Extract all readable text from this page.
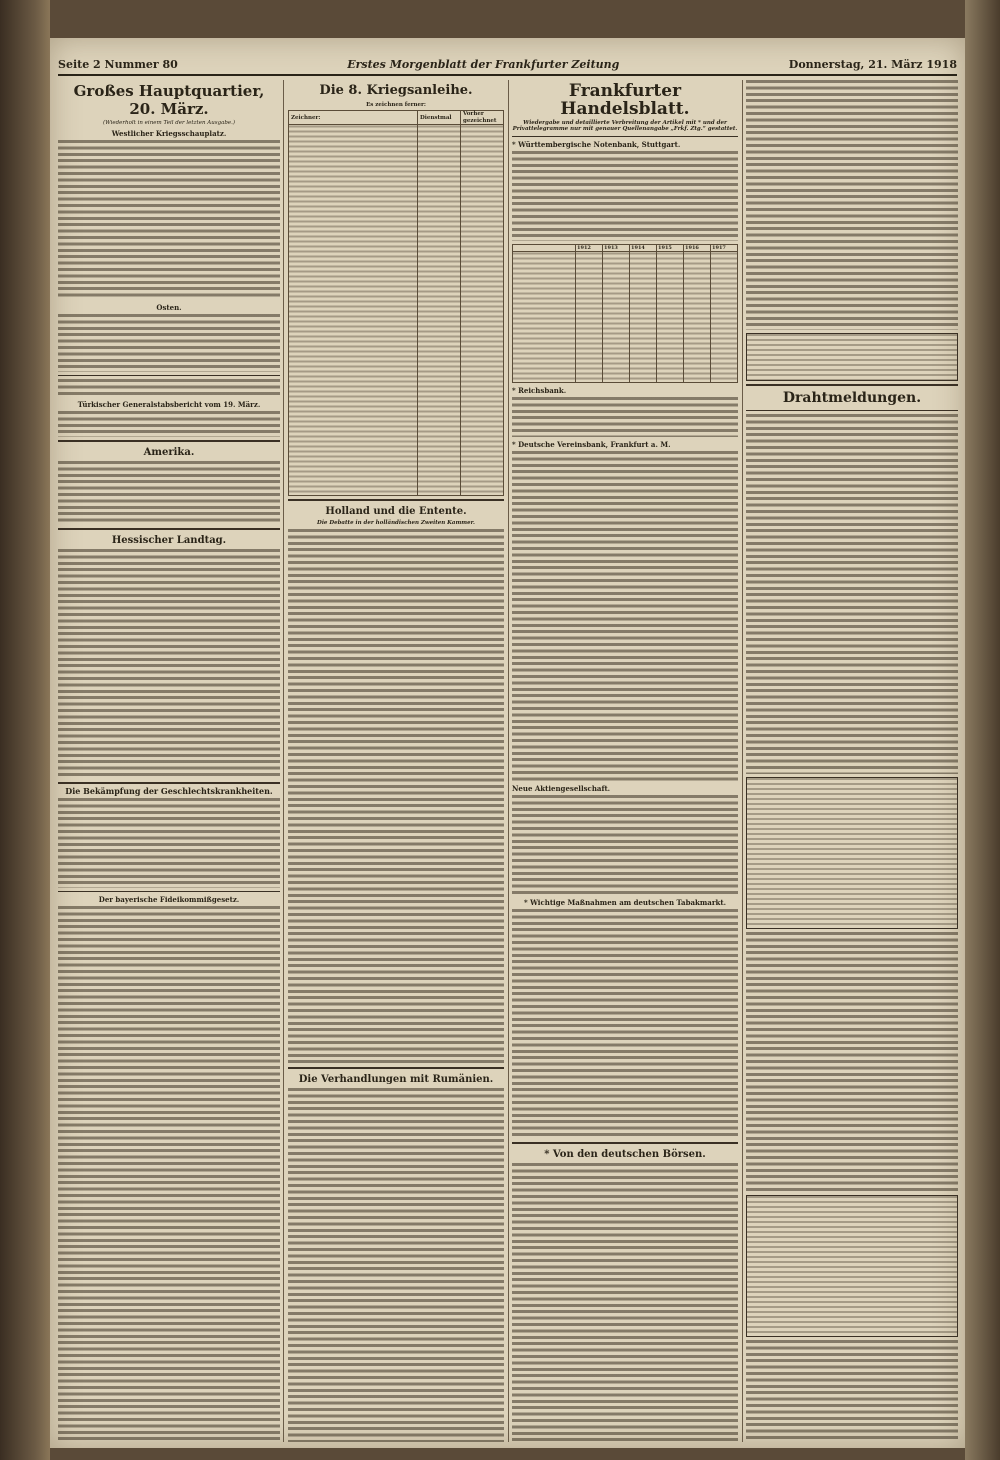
Seite 2 Nummer 80	Erstes Morgenblatt der Frankfurter Zeitung	Donnerstag, 21. März 1918
Großes Hauptquartier, 20. März.
(Wiederholt in einem Teil der letzten Ausgabe.)
Westlicher Kriegsschauplatz.
Osten.
Türkischer Generalstabsbericht vom 19. März.
Amerika.
Hessischer Landtag.
Die Bekämpfung der Geschlechtskrankheiten.
Der bayerische Fideikommißgesetz.
Die 8. Kriegsanleihe.
Es zeichnen ferner:
Zeichner:	Dienstmal	Vorher gezeichnet

Holland und die Entente.
Die Debatte in der holländischen Zweiten Kammer.
Die Verhandlungen mit Rumänien.
Frankfurter Handelsblatt.
Wiedergabe und detaillierte Verbreitung der Artikel mit * und der Privattelegramme nur mit genauer Quellenangabe „Frkf. Ztg.“ gestattet.
* Württembergische Notenbank, Stuttgart.
	1912	1913	1914	1915	1916	1917

* Reichsbank.
* Deutsche Vereinsbank, Frankfurt a. M.
Neue Aktiengesellschaft.
* Wichtige Maßnahmen am deutschen Tabakmarkt.
* Von den deutschen Börsen.
Drahtmeldungen.
